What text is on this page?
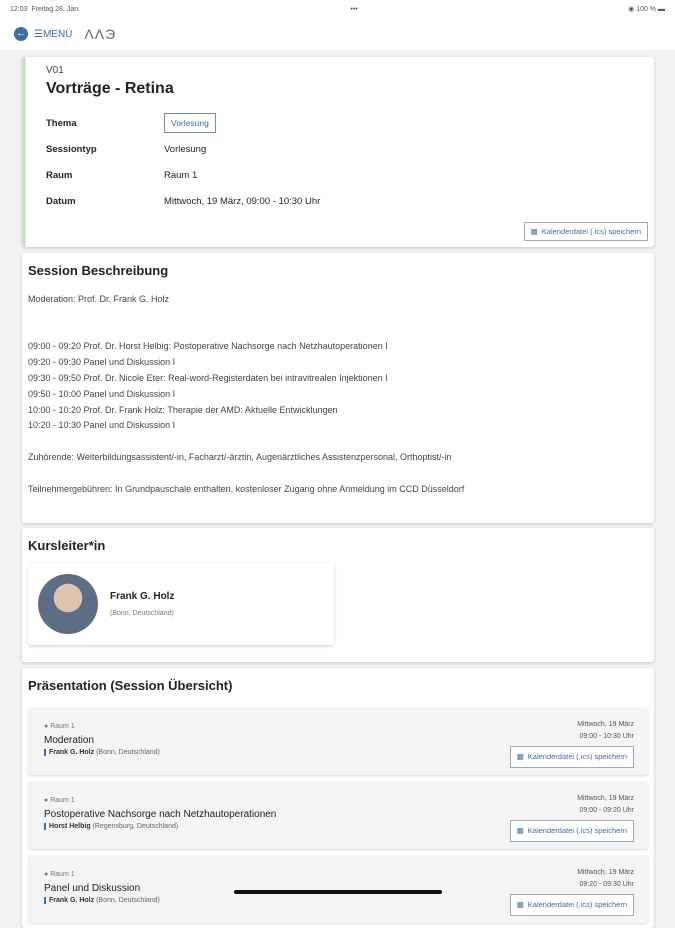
12:03 Freitag 28. Jan.	•••	◉ 100 % ▬
← ☰MENÜ ΛΛЭ
V01
Vorträge - Retina
Thema	Vorlesung
Sessiontyp	Vorlesung
Raum	Raum 1
Datum	Mittwoch, 19 März, 09:00 - 10:30 Uhr
▦ Kalenderdatei (.ics) speichern
Session Beschreibung

Moderation: Prof. Dr. Frank G. Holz

09:00 - 09:20 Prof. Dr. Horst Helbig: Postoperative Nachsorge nach Netzhautoperationen I

09:20 - 09:30 Panel und Diskussion I

09:30 - 09:50 Prof. Dr. Nicole Eter: Real-word-Registerdaten bei intravitrealen Injektionen I

09:50 - 10:00 Panel und Diskussion I

10:00 - 10:20 Prof. Dr. Frank Holz: Therapie der AMD: Aktuelle Entwicklungen

10:20 - 10:30 Panel und Diskussion I

Zuhörende: Weiterbildungsassistent/-in, Facharzt/-ärztin, Augenärztliches Assistenzpersonal, Orthoptist/-in

Teilnehmergebühren: In Grundpauschale enthalten, kostenloser Zugang ohne Anmeldung im CCD Düsseldorf

Kursleiter*in
Frank G. Holz
(Bonn, Deutschland)
Präsentation (Session Übersicht)
● Raum 1
Moderation
Frank G. Holz (Bonn, Deutschland)
Mittwoch, 19 März
09:00 - 10:30 Uhr
▦ Kalenderdatei (.ics) speichern
● Raum 1
Postoperative Nachsorge nach Netzhautoperationen
Horst Helbig (Regensburg, Deutschland)
Mittwoch, 19 März
09:00 - 09:20 Uhr
▦ Kalenderdatei (.ics) speichern
● Raum 1
Panel und Diskussion
Frank G. Holz (Bonn, Deutschland)
Mittwoch, 19 März
09:20 - 09:30 Uhr
▦ Kalenderdatei (.ics) speichern
